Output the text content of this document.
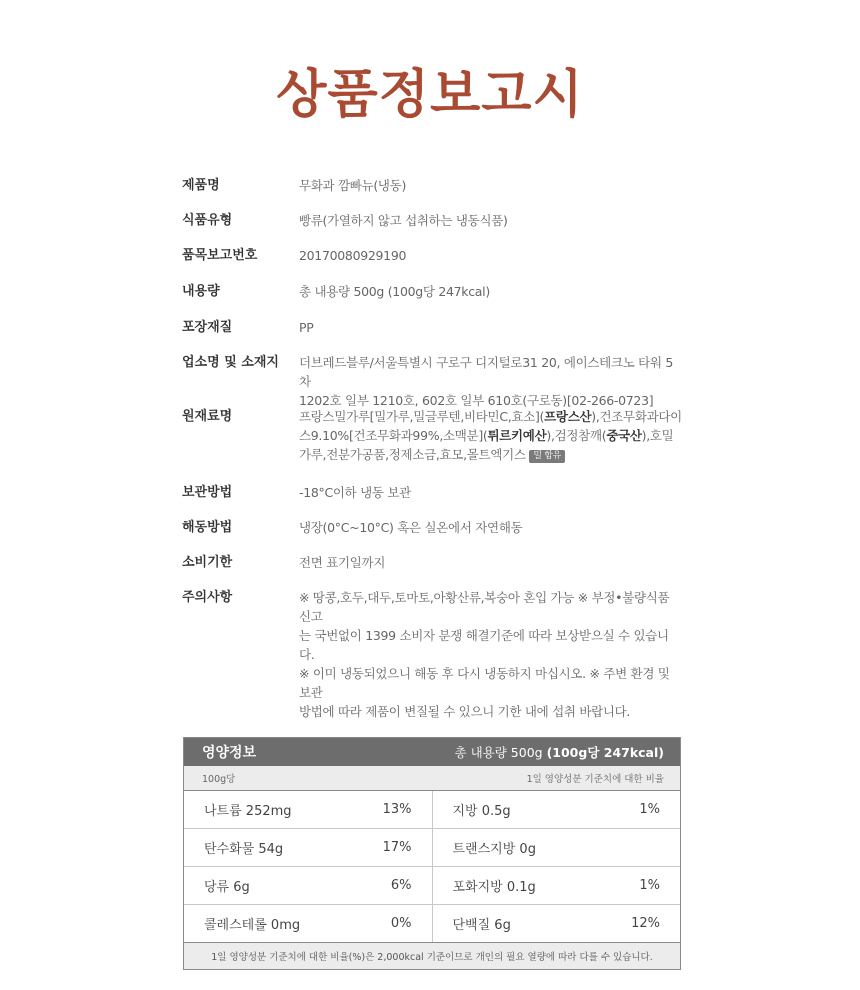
상품정보고시
제품명	무화과 깜빠뉴(냉동)
식품유형	빵류(가열하지 않고 섭취하는 냉동식품)
품목보고번호	20170080929190
내용량	총 내용량 500g (100g당 247kcal)
포장재질	PP
업소명 및 소재지	더브레드블루/서울특별시 구로구 디지털로31 20, 에이스테크노 타워 5차
1202호 일부 1210호, 602호 일부 610호(구로동)[02-266-0723]
원재료명	프랑스밀가루[밀가루,밀글루텐,비타민C,효소](프랑스산),건조무화과다이스9.10%[건조무화과99%,소맥분](튀르키예산),검정참깨(중국산),호밀가루,전분가공품,정제소금,효모,몰트엑기스 밀 함유
보관방법	-18°C이하 냉동 보관
해동방법	냉장(0°C~10°C) 혹은 실온에서 자연해동
소비기한	전면 표기일까지
주의사항	※ 땅콩,호두,대두,토마토,아황산류,복숭아 혼입 가능 ※ 부정•불량식품 신고
는 국번없이 1399 소비자 분쟁 해결기준에 따라 보상받으실 수 있습니다.
※ 이미 냉동되었으니 해동 후 다시 냉동하지 마십시오. ※ 주변 환경 및 보관
방법에 따라 제품이 변질될 수 있으니 기한 내에 섭취 바랍니다.
영양정보	총 내용량 500g (100g당 247kcal)
100g당	1일 영양성분 기준치에 대한 비율
나트륨 252mg	13%	지방 0.5g	1%
탄수화물 54g	17%	트랜스지방 0g
당류 6g	6%	포화지방 0.1g	1%
콜레스테롤 0mg	0%	단백질 6g	12%
1일 영양성분 기준치에 대한 비율(%)은 2,000kcal 기준이므로 개인의 필요 열량에 따라 다를 수 있습니다.
